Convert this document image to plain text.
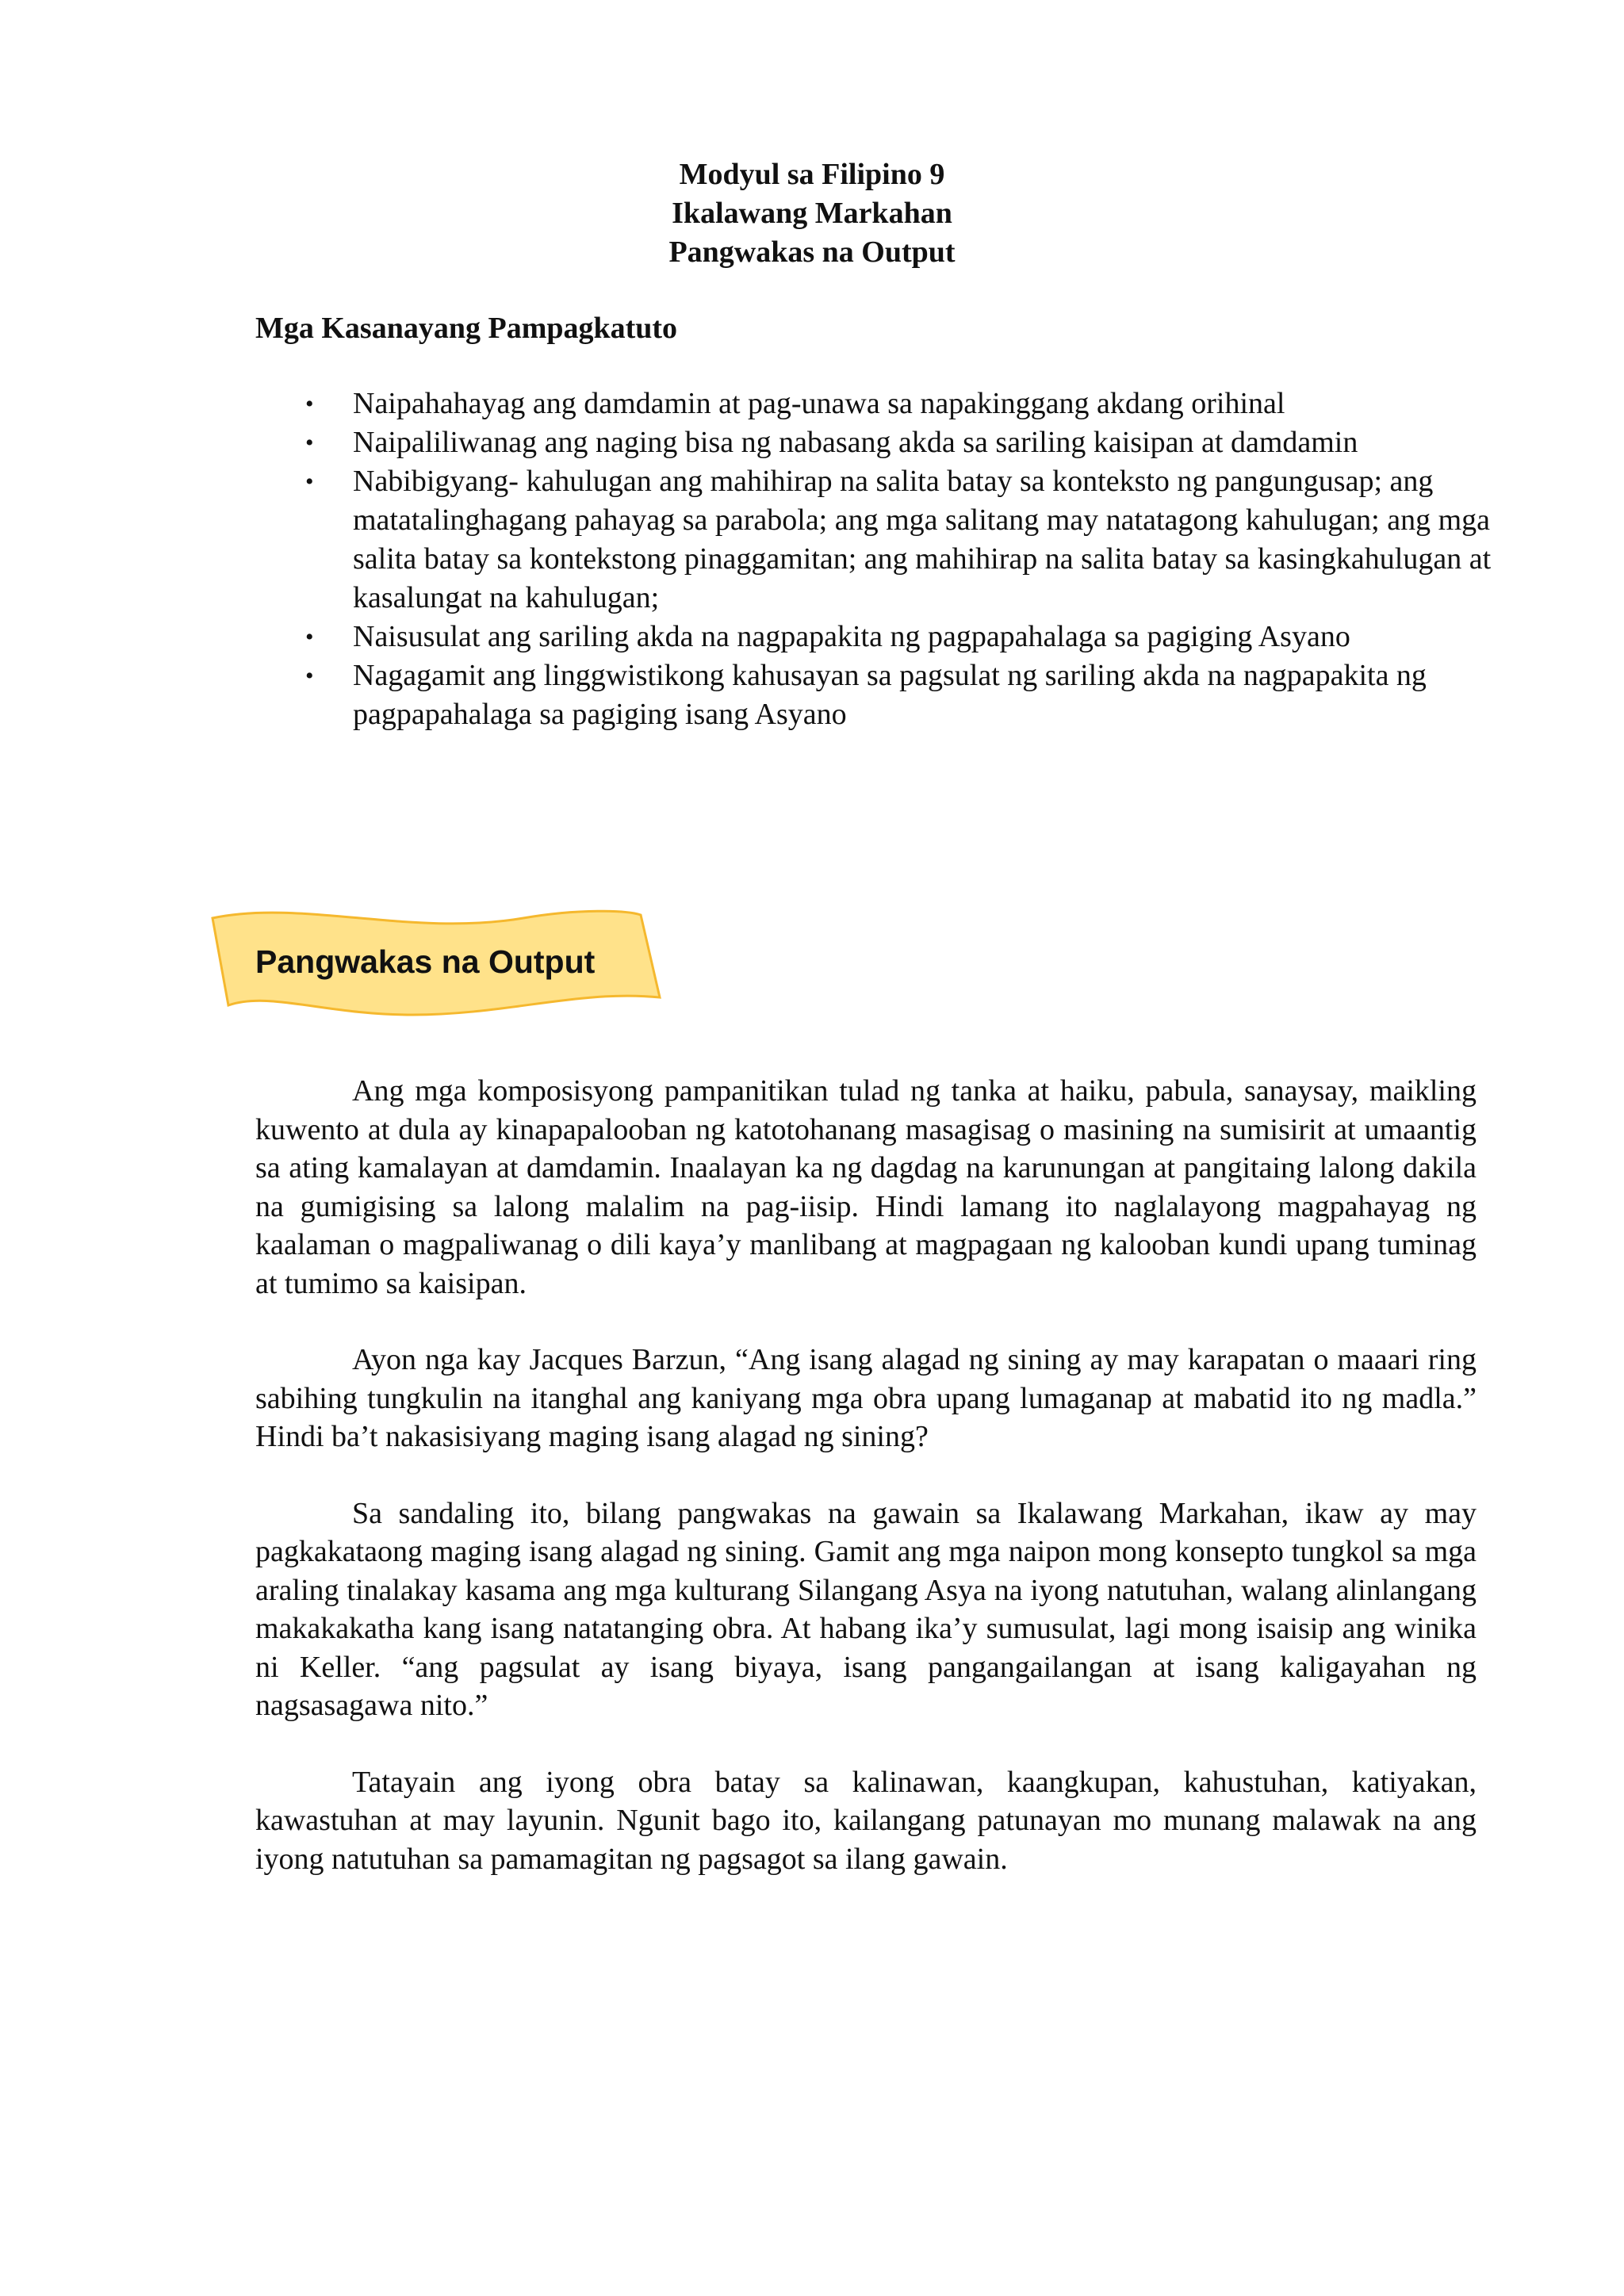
Modyul sa Filipino 9
Ikalawang Markahan
Pangwakas na Output
Mga Kasanayang Pampagkatuto
• Naipahahayag ang damdamin at pag-unawa sa napakinggang akdang orihinal
• Naipaliliwanag ang naging bisa ng nabasang akda sa sariling kaisipan at damdamin
• Nabibigyang- kahulugan ang mahihirap na salita batay sa konteksto ng pangungusap; ang matatalinghagang pahayag sa parabola; ang mga salitang may natatagong kahulugan; ang mga salita batay sa kontekstong pinaggamitan; ang mahihirap na salita batay sa kasingkahulugan at kasalungat na kahulugan;
• Naisusulat ang sariling akda na nagpapakita ng pagpapahalaga sa pagiging Asyano
• Nagagamit ang linggwistikong kahusayan sa pagsulat ng sariling akda na nagpapakita ng pagpapahalaga sa pagiging isang Asyano
Pangwakas na Output

Ang mga komposisyong pampanitikan tulad ng tanka at haiku, pabula, sanaysay, maikling kuwento at dula ay kinapapalooban ng katotohanang masagisag o masining na sumisirit at umaantig sa ating kamalayan at damdamin. Inaalayan ka ng dagdag na karunungan at pangitaing lalong dakila na gumigising sa lalong malalim na pag-iisip. Hindi lamang ito naglalayong magpahayag ng kaalaman o magpaliwanag o dili kaya’y manlibang at magpagaan ng kalooban kundi upang tuminag at tumimo sa kaisipan.

Ayon nga kay Jacques Barzun, “Ang isang alagad ng sining ay may karapatan o maaari ring sabihing tungkulin na itanghal ang kaniyang mga obra upang lumaganap at mabatid ito ng madla.” Hindi ba’t nakasisiyang maging isang alagad ng sining?

Sa sandaling ito, bilang pangwakas na gawain sa Ikalawang Markahan, ikaw ay may pagkakataong maging isang alagad ng sining. Gamit ang mga naipon mong konsepto tungkol sa mga araling tinalakay kasama ang mga kulturang Silangang Asya na iyong natutuhan, walang alinlangang makakakatha kang isang natatanging obra. At habang ika’y sumusulat, lagi mong isaisip ang winika ni Keller. “ang pagsulat ay isang biyaya, isang pangangailangan at isang kaligayahan ng nagsasagawa nito.”

Tatayain ang iyong obra batay sa kalinawan, kaangkupan, kahustuhan, katiyakan, kawastuhan at may layunin. Ngunit bago ito, kailangang patunayan mo munang malawak na ang iyong natutuhan sa pamamagitan ng pagsagot sa ilang gawain.
